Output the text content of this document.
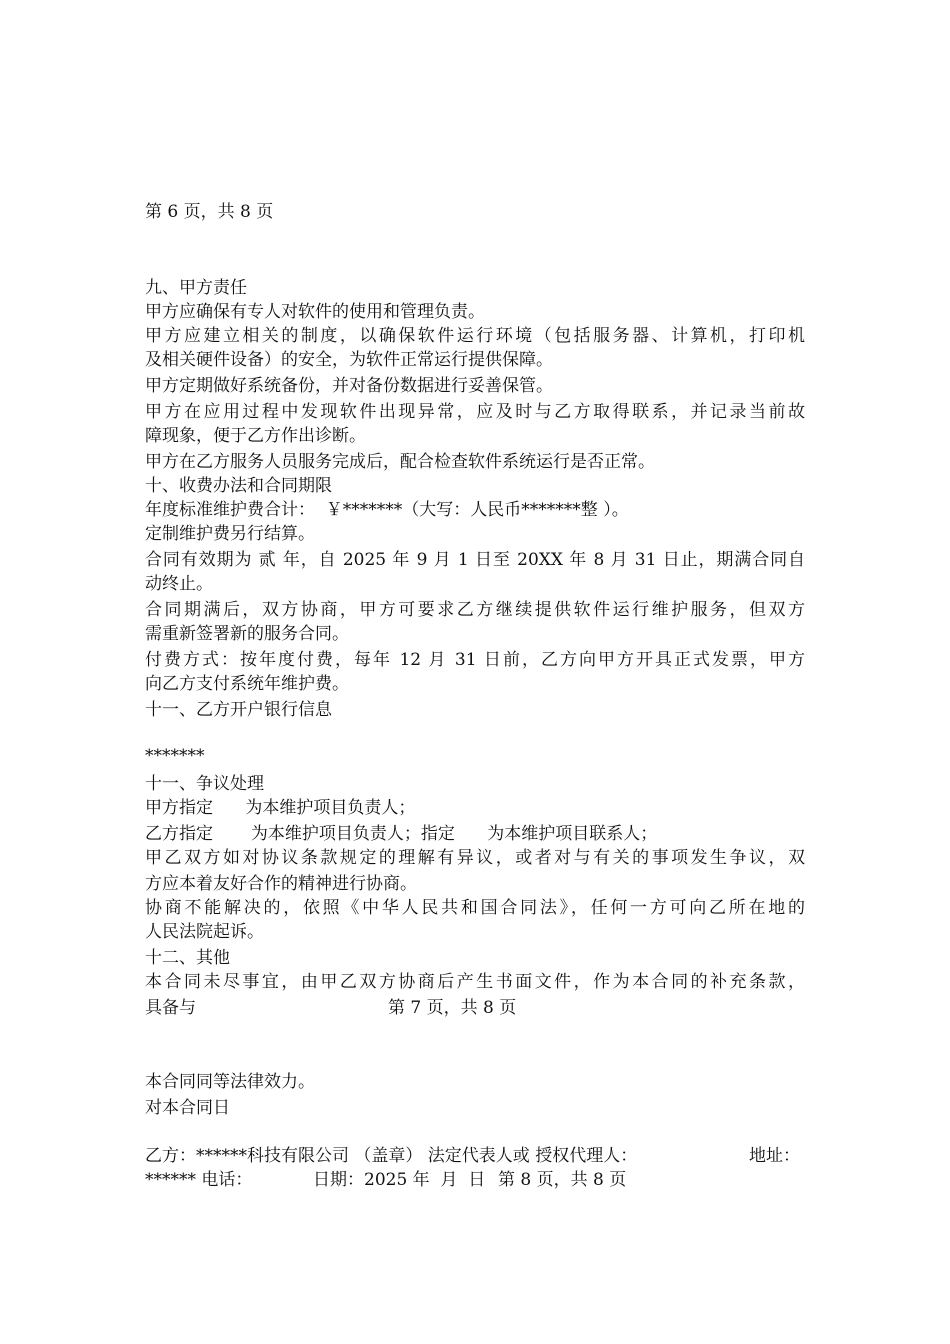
第 6 页，共 8 页
九、甲方责任
甲方应确保有专人对软件的使用和管理负责。
甲方应建立相关的制度，以确保软件运行环境（包括服务器、计算机，打印机
及相关硬件设备）的安全，为软件正常运行提供保障。
甲方定期做好系统备份，并对备份数据进行妥善保管。
甲方在应用过程中发现软件出现异常，应及时与乙方取得联系，并记录当前故
障现象，便于乙方作出诊断。
甲方在乙方服务人员服务完成后，配合检查软件系统运行是否正常。
十、收费办法和合同期限
年度标准维护费合计：  ￥*******（大写：人民币*******整 ）。
定制维护费另行结算。
合同有效期为 贰 年，自 2025 年 9 月 1 日至 20XX 年 8 月 31 日止，期满合同自
动终止。
合同期满后，双方协商，甲方可要求乙方继续提供软件运行维护服务，但双方
需重新签署新的服务合同。
付费方式：按年度付费，每年 12 月 31 日前，乙方向甲方开具正式发票，甲方
向乙方支付系统年维护费。
十一、乙方开户银行信息
*******
十一、争议处理
甲方指定      为本维护项目负责人；
乙方指定       为本维护项目负责人；指定      为本维护项目联系人；
甲乙双方如对协议条款规定的理解有异议，或者对与有关的事项发生争议，双
方应本着友好合作的精神进行协商。
协商不能解决的，依照《中华人民共和国合同法》，任何一方可向乙所在地的
人民法院起诉。
十二、其他
本合同未尽事宜，由甲乙双方协商后产生书面文件，作为本合同的补充条款，
具备与	第 7 页，共 8 页
本合同同等法律效力。
对本合同日
乙方：******科技有限公司 （盖章） 法定代表人或 授权代理人：	地址：
****** 电话：	日期：2025 年  月  日 第 8 页，共 8 页
